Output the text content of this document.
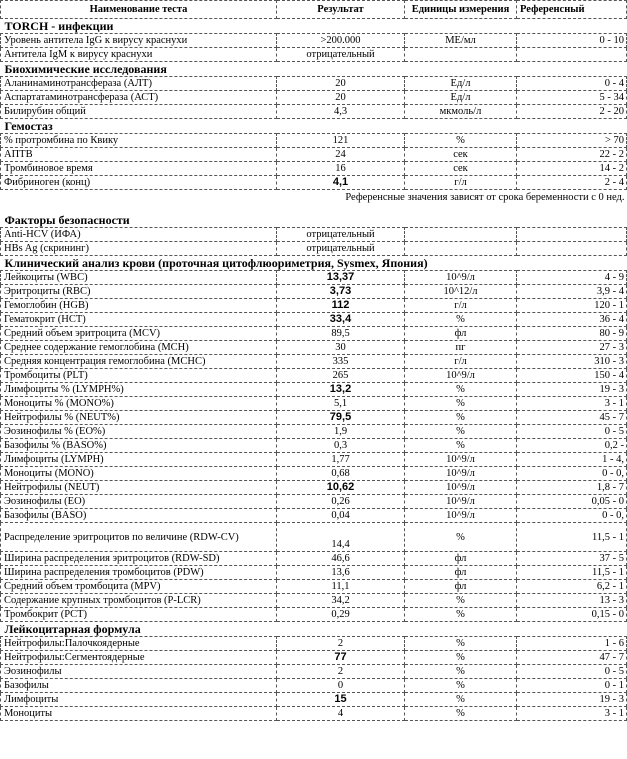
Наименование теста	Результат	Единицы измерения	Референсный
TORCH - инфекции			
Уровень антитела IgG к вирусу краснухи	>200.000	МЕ/мл	0 - 10
Антитела IgM к вирусу краснухи	отрицательный		
Биохимические исследования			
Аланинаминотрансфераза (АЛТ)	20	Ед/л	0 - 4
Аспартатаминотрансфераза (АСТ)	20	Ед/л	5 - 34
Билирубин общий	4,3	мкмоль/л	2 - 20
Гемостаз			
% протромбина по Квику	121	%	> 70
АПТВ	24	сек	22 - 2
Тромбиновое время	16	сек	14 - 2
Фибриноген (конц)	4,1	г/л	2 - 4
Референсные значения зависят от срока беременности с 0 нед.			

Факторы безопасности			
Anti-HCV (ИФА)	отрицательный		
HBs Ag (скрининг)	отрицательный		
Клинический анализ крови (проточная цитофлюориметрия, Sysmex, Япония)			
Лейкоциты (WBC)	13,37	10^9/л	4 - 9
Эритроциты (RBC)	3,73	10^12/л	3,9 - 4
Гемоглобин (HGB)	112	г/л	120 - 1
Гематокрит (HCT)	33,4	%	36 - 4
Средний объем эритроцита (MCV)	89,5	фл	80 - 9
Среднее содержание гемоглобина (MCH)	30	пг	27 - 3
Средняя концентрация гемоглобина (MCHC)	335	г/л	310 - 3
Тромбоциты (PLT)	265	10^9/л	150 - 4
Лимфоциты % (LYMPH%)	13,2	%	19 - 3
Моноциты % (MONO%)	5,1	%	3 - 1
Нейтрофилы % (NEUT%)	79,5	%	45 - 7
Эозинофилы % (EO%)	1,9	%	0 - 5
Базофилы % (BASO%)	0,3	%	0,2 -
Лимфоциты (LYMPH)	1,77	10^9/л	1 - 4,
Моноциты (MONO)	0,68	10^9/л	0 - 0,
Нейтрофилы (NEUT)	10,62	10^9/л	1,8 - 7
Эозинофилы (EO)	0,26	10^9/л	0,05 - 0
Базофилы (BASO)	0,04	10^9/л	0 - 0,
Распределение эритроцитов по величине (RDW-CV)	14,4	%	11,5 - 1
Ширина распределения эритроцитов (RDW-SD)	46,6	фл	37 - 5
Ширина распределения тромбоцитов (PDW)	13,6	фл	11,5 - 1
Средний объем тромбоцита (MPV)	11,1	фл	6,2 - 1
Содержание крупных тромбоцитов (P-LCR)	34,2	%	13 - 3
Тромбокрит (PCT)	0,29	%	0,15 - 0
Лейкоцитарная формула			
Нейтрофилы:Палочкоядерные	2	%	1 - 6
Нейтрофилы:Сегментоядерные	77	%	47 - 7
Эозинофилы	2	%	0 - 5
Базофилы	0	%	0 - 1
Лимфоциты	15	%	19 - 3
Моноциты	4	%	3 - 1
